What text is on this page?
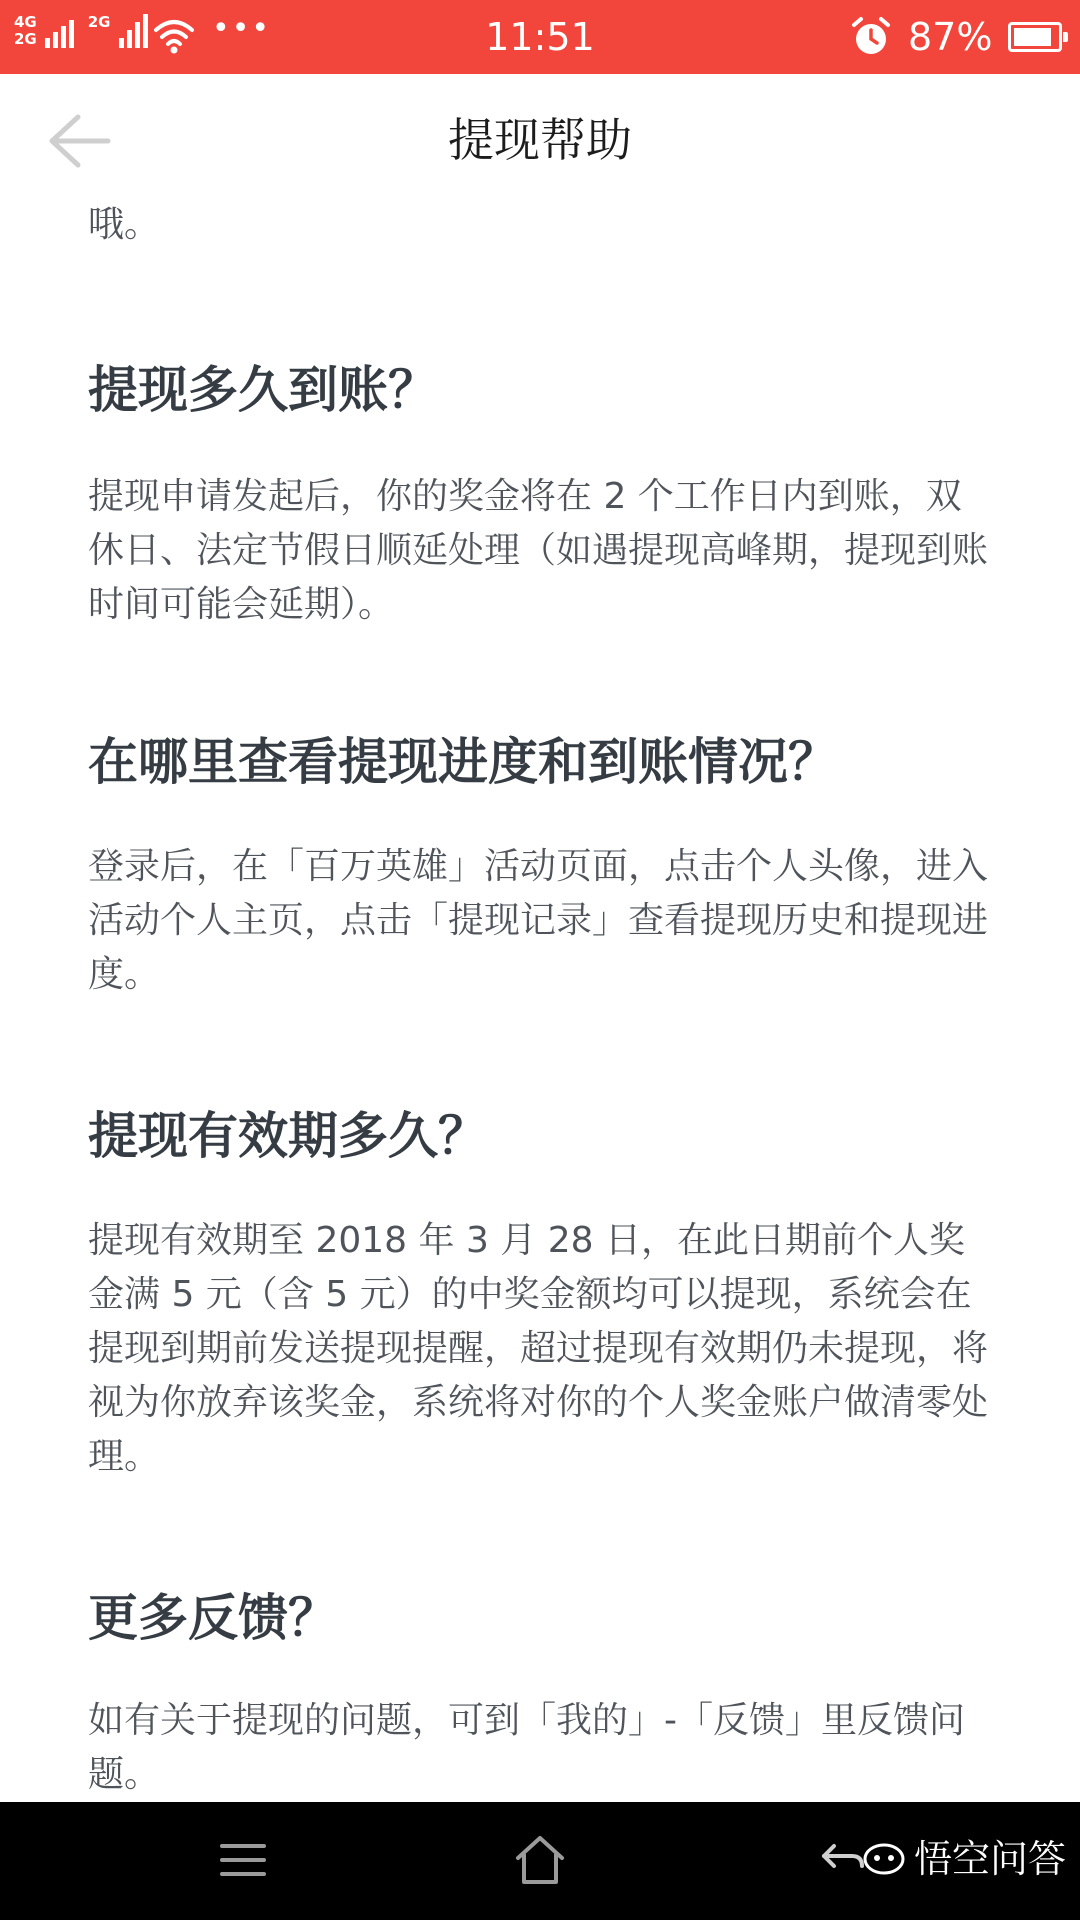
4G
2G
2G
	•••	11:51	87%
提现帮助

哦。

提现多久到账？

提现申请发起后，你的奖金将在 2 个工作日内到账，双休日、法定节假日顺延处理（如遇提现高峰期，提现到账时间可能会延期）。

在哪里查看提现进度和到账情况？

登录后，在「百万英雄」活动页面，点击个人头像，进入活动个人主页，点击「提现记录」查看提现历史和提现进度。

提现有效期多久？

提现有效期至 2018 年 3 月 28 日，在此日期前个人奖金满 5 元（含 5 元）的中奖金额均可以提现，系统会在提现到期前发送提现提醒，超过提现有效期仍未提现，将视为你放弃该奖金，系统将对你的个人奖金账户做清零处理。

更多反馈？

如有关于提现的问题，可到「我的」-「反馈」里反馈问题。

悟空问答
